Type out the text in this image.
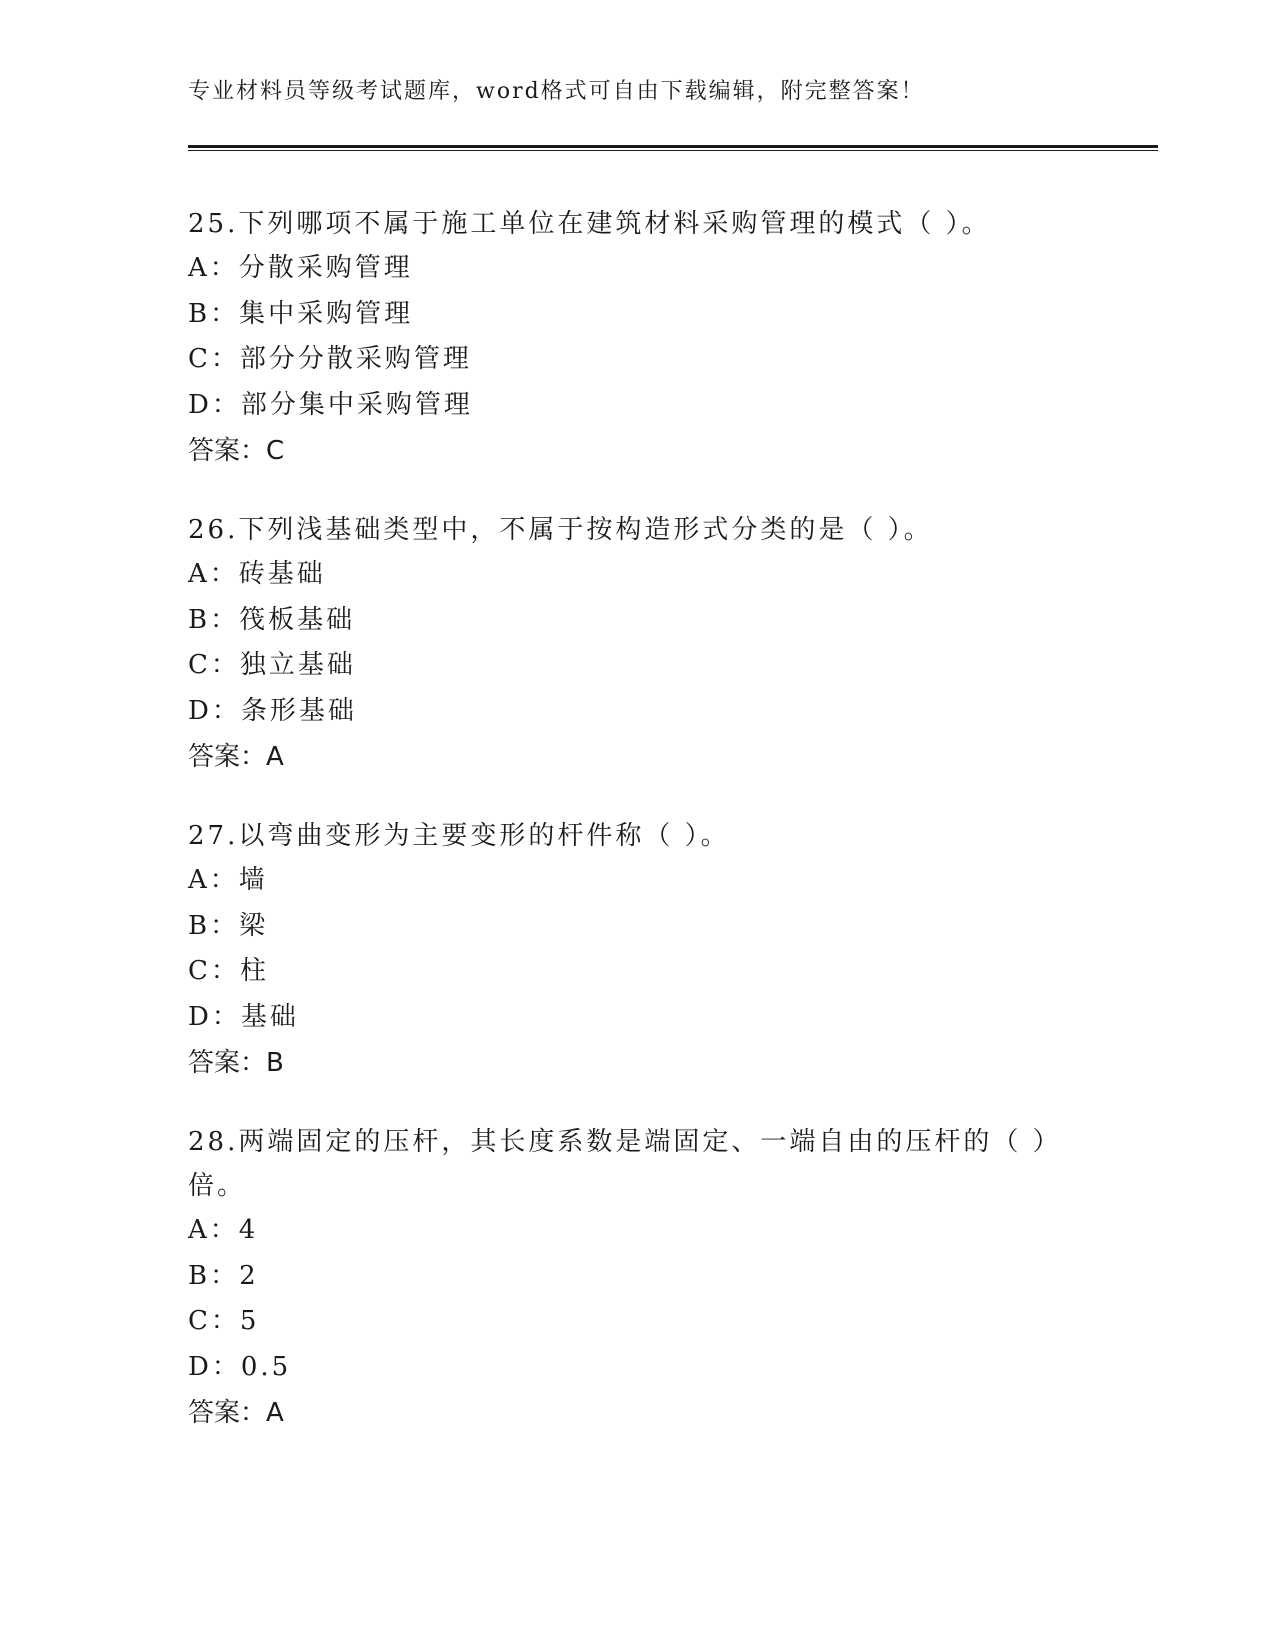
专业材料员等级考试题库，word格式可自由下载编辑，附完整答案！
25.下列哪项不属于施工单位在建筑材料采购管理的模式（ ）。
A：分散采购管理
B：集中采购管理
C：部分分散采购管理
D：部分集中采购管理
答案：C
26.下列浅基础类型中，不属于按构造形式分类的是（ ）。
A：砖基础
B：筏板基础
C：独立基础
D：条形基础
答案：A
27.以弯曲变形为主要变形的杆件称（ ）。
A：墙
B：梁
C：柱
D：基础
答案：B
28.两端固定的压杆，其长度系数是端固定、一端自由的压杆的（ ）倍。
A：4
B：2
C：5
D：0.5
答案：A
